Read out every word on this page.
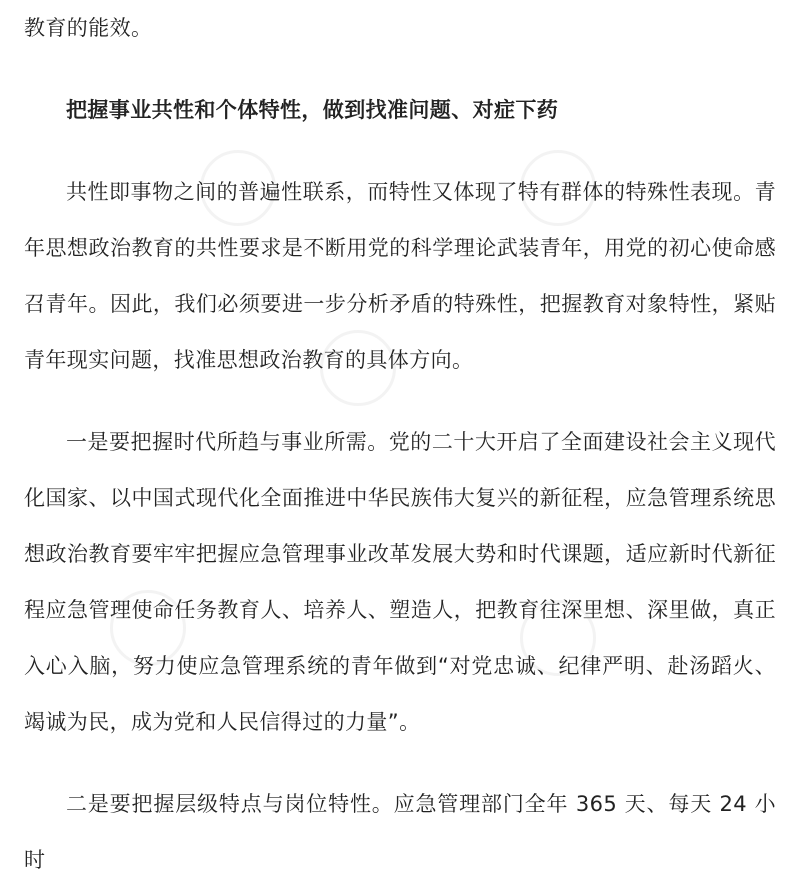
教育的能效。

把握事业共性和个体特性，做到找准问题、对症下药

共性即事物之间的普遍性联系，而特性又体现了特有群体的特殊性表现。青年思想政治教育的共性要求是不断用党的科学理论武装青年，用党的初心使命感召青年。因此，我们必须要进一步分析矛盾的特殊性，把握教育对象特性，紧贴青年现实问题，找准思想政治教育的具体方向。

一是要把握时代所趋与事业所需。党的二十大开启了全面建设社会主义现代化国家、以中国式现代化全面推进中华民族伟大复兴的新征程，应急管理系统思想政治教育要牢牢把握应急管理事业改革发展大势和时代课题，适应新时代新征程应急管理使命任务教育人、培养人、塑造人，把教育往深里想、深里做，真正入心入脑，努力使应急管理系统的青年做到“对党忠诚、纪律严明、赴汤蹈火、竭诚为民，成为党和人民信得过的力量”。

二是要把握层级特点与岗位特性。应急管理部门全年 365 天、每天 24 小时
